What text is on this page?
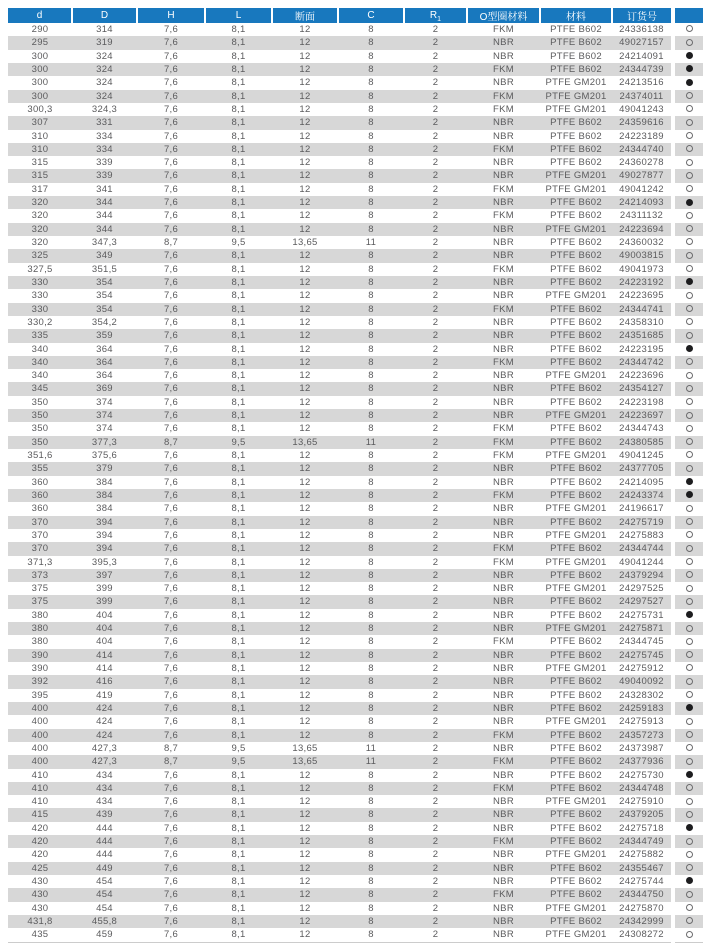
d	D	H	L	断面	C	$R_1$	O型圈材料	材料	订货号	
290	314	7,6	8,1	12	8	2	FKM	PTFE B602	24336138	
295	319	7,6	8,1	12	8	2	NBR	PTFE B602	49027157	
300	324	7,6	8,1	12	8	2	NBR	PTFE B602	24214091	
300	324	7,6	8,1	12	8	2	FKM	PTFE B602	24344739	
300	324	7,6	8,1	12	8	2	NBR	PTFE GM201	24213516	
300	324	7,6	8,1	12	8	2	FKM	PTFE GM201	24374011	
300,3	324,3	7,6	8,1	12	8	2	FKM	PTFE GM201	49041243	
307	331	7,6	8,1	12	8	2	NBR	PTFE B602	24359616	
310	334	7,6	8,1	12	8	2	NBR	PTFE B602	24223189	
310	334	7,6	8,1	12	8	2	FKM	PTFE B602	24344740	
315	339	7,6	8,1	12	8	2	NBR	PTFE B602	24360278	
315	339	7,6	8,1	12	8	2	NBR	PTFE GM201	49027877	
317	341	7,6	8,1	12	8	2	FKM	PTFE GM201	49041242	
320	344	7,6	8,1	12	8	2	NBR	PTFE B602	24214093	
320	344	7,6	8,1	12	8	2	FKM	PTFE B602	24311132	
320	344	7,6	8,1	12	8	2	NBR	PTFE GM201	24223694	
320	347,3	8,7	9,5	13,65	11	2	NBR	PTFE B602	24360032	
325	349	7,6	8,1	12	8	2	NBR	PTFE B602	49003815	
327,5	351,5	7,6	8,1	12	8	2	FKM	PTFE B602	49041973	
330	354	7,6	8,1	12	8	2	NBR	PTFE B602	24223192	
330	354	7,6	8,1	12	8	2	NBR	PTFE GM201	24223695	
330	354	7,6	8,1	12	8	2	FKM	PTFE B602	24344741	
330,2	354,2	7,6	8,1	12	8	2	NBR	PTFE B602	24358310	
335	359	7,6	8,1	12	8	2	NBR	PTFE B602	24351685	
340	364	7,6	8,1	12	8	2	NBR	PTFE B602	24223195	
340	364	7,6	8,1	12	8	2	FKM	PTFE B602	24344742	
340	364	7,6	8,1	12	8	2	NBR	PTFE GM201	24223696	
345	369	7,6	8,1	12	8	2	NBR	PTFE B602	24354127	
350	374	7,6	8,1	12	8	2	NBR	PTFE B602	24223198	
350	374	7,6	8,1	12	8	2	NBR	PTFE GM201	24223697	
350	374	7,6	8,1	12	8	2	FKM	PTFE B602	24344743	
350	377,3	8,7	9,5	13,65	11	2	FKM	PTFE B602	24380585	
351,6	375,6	7,6	8,1	12	8	2	FKM	PTFE GM201	49041245	
355	379	7,6	8,1	12	8	2	NBR	PTFE B602	24377705	
360	384	7,6	8,1	12	8	2	NBR	PTFE B602	24214095	
360	384	7,6	8,1	12	8	2	FKM	PTFE B602	24243374	
360	384	7,6	8,1	12	8	2	NBR	PTFE GM201	24196617	
370	394	7,6	8,1	12	8	2	NBR	PTFE B602	24275719	
370	394	7,6	8,1	12	8	2	NBR	PTFE GM201	24275883	
370	394	7,6	8,1	12	8	2	FKM	PTFE B602	24344744	
371,3	395,3	7,6	8,1	12	8	2	FKM	PTFE GM201	49041244	
373	397	7,6	8,1	12	8	2	NBR	PTFE B602	24379294	
375	399	7,6	8,1	12	8	2	NBR	PTFE GM201	24297525	
375	399	7,6	8,1	12	8	2	NBR	PTFE B602	24297527	
380	404	7,6	8,1	12	8	2	NBR	PTFE B602	24275731	
380	404	7,6	8,1	12	8	2	NBR	PTFE GM201	24275871	
380	404	7,6	8,1	12	8	2	FKM	PTFE B602	24344745	
390	414	7,6	8,1	12	8	2	NBR	PTFE B602	24275745	
390	414	7,6	8,1	12	8	2	NBR	PTFE GM201	24275912	
392	416	7,6	8,1	12	8	2	NBR	PTFE B602	49040092	
395	419	7,6	8,1	12	8	2	NBR	PTFE B602	24328302	
400	424	7,6	8,1	12	8	2	NBR	PTFE B602	24259183	
400	424	7,6	8,1	12	8	2	NBR	PTFE GM201	24275913	
400	424	7,6	8,1	12	8	2	FKM	PTFE B602	24357273	
400	427,3	8,7	9,5	13,65	11	2	NBR	PTFE B602	24373987	
400	427,3	8,7	9,5	13,65	11	2	FKM	PTFE B602	24377936	
410	434	7,6	8,1	12	8	2	NBR	PTFE B602	24275730	
410	434	7,6	8,1	12	8	2	FKM	PTFE B602	24344748	
410	434	7,6	8,1	12	8	2	NBR	PTFE GM201	24275910	
415	439	7,6	8,1	12	8	2	NBR	PTFE B602	24379205	
420	444	7,6	8,1	12	8	2	NBR	PTFE B602	24275718	
420	444	7,6	8,1	12	8	2	FKM	PTFE B602	24344749	
420	444	7,6	8,1	12	8	2	NBR	PTFE GM201	24275882	
425	449	7,6	8,1	12	8	2	NBR	PTFE B602	24355467	
430	454	7,6	8,1	12	8	2	NBR	PTFE B602	24275744	
430	454	7,6	8,1	12	8	2	FKM	PTFE B602	24344750	
430	454	7,6	8,1	12	8	2	NBR	PTFE GM201	24275870	
431,8	455,8	7,6	8,1	12	8	2	NBR	PTFE B602	24342999	
435	459	7,6	8,1	12	8	2	NBR	PTFE GM201	24308272	
